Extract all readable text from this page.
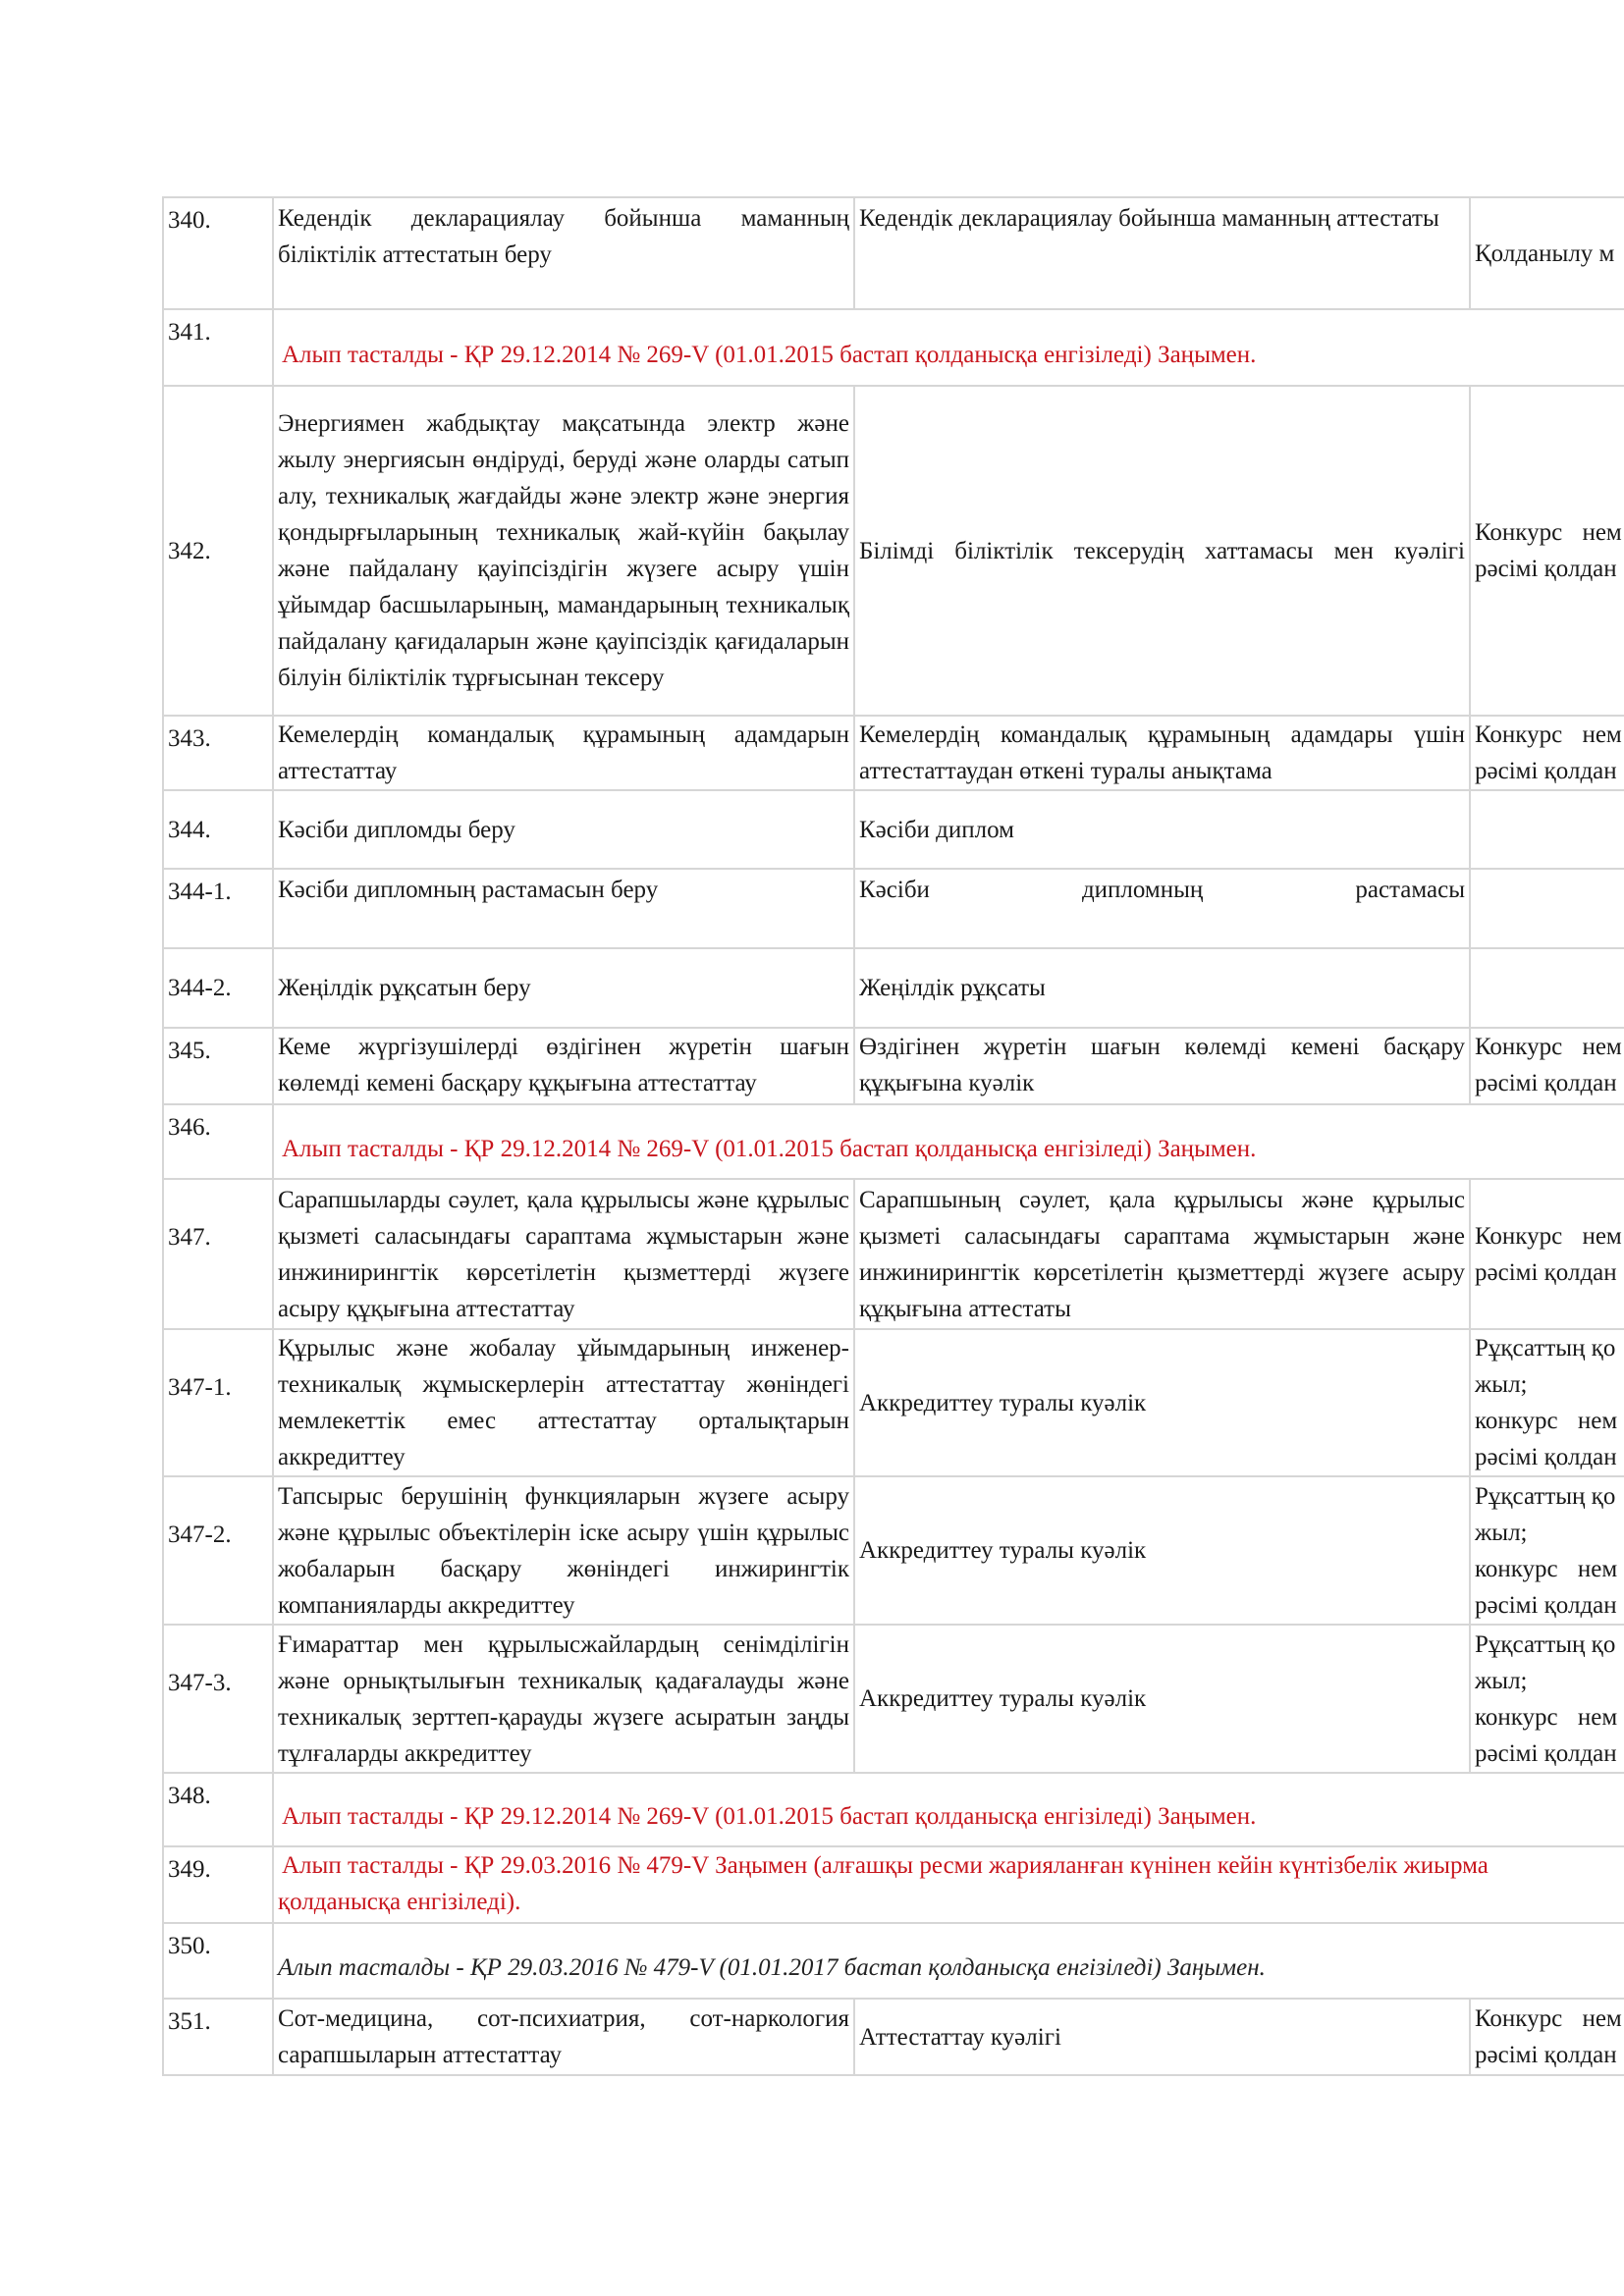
340.	Кедендік декларациялау бойынша маманның біліктілік аттестатын беру	Кедендік декларациялау бойынша маманның аттестаты	Қолданылу м

341.	Алып тасталды - ҚР 29.12.2014 № 269-V (01.01.2015 бастап қолданысқа енгізіледі) Заңымен.		
342.	Энергиямен жабдықтау мақсатында электр және жылу энергиясын өндіруді, беруді және оларды сатып алу, техникалық жағдайды және электр және энергия қондырғыларының техникалық жай-күйін бақылау және пайдалану қауіпсіздігін жүзеге асыру үшін ұйымдар басшыларының, мамандарының техникалық пайдалану қағидаларын және қауіпсіздік қағидаларын білуін біліктілік тұрғысынан тексеру	Білімді біліктілік тексерудің хаттамасы мен куәлігі	Конкурс нем
рәсімі қолдан

343.	Кемелердің командалық құрамының адамдарын аттестаттау	Кемелердің командалық құрамының адамдары үшін аттестаттаудан өткені туралы анықтама	Конкурс нем
рәсімі қолдан

344.	Кәсіби дипломды беру	Кәсіби диплом	
344-1.	Кәсіби дипломның растамасын беру	Кәсіби дипломның растамасы	
344-2.	Жеңілдік рұқсатын беру	Жеңілдік рұқсаты	
345.	Кеме жүргізушілерді өздігінен жүретін шағын көлемді кемені басқару құқығына аттестаттау	Өздігінен жүретін шағын көлемді кемені басқару құқығына куәлік	Конкурс нем
рәсімі қолдан

346.	Алып тасталды - ҚР 29.12.2014 № 269-V (01.01.2015 бастап қолданысқа енгізіледі) Заңымен.		
347.	Сарапшыларды сәулет, қала құрылысы және құрылыс қызметі саласындағы сараптама жұмыстарын және инжинирингтік көрсетілетін қызметтерді жүзеге асыру құқығына аттестаттау	Сарапшының сәулет, қала құрылысы және құрылыс қызметі саласындағы сараптама жұмыстарын және инжинирингтік көрсетілетін қызметтерді жүзеге асыру құқығына аттестаты	Конкурс нем
рәсімі қолдан

347-1.	Құрылыс және жобалау ұйымдарының инженер-техникалық жұмыскерлерін аттестаттау жөніндегі мемлекеттік емес аттестаттау орталықтарын аккредиттеу	Аккредиттеу туралы куәлік	Рұқсаттың қо
жыл;
конкурс нем
рәсімі қолдан

347-2.	Тапсырыс берушінің функцияларын жүзеге асыру және құрылыс объектілерін іске асыру үшін құрылыс жобаларын басқару жөніндегі инжирингтік компанияларды аккредиттеу	Аккредиттеу туралы куәлік	Рұқсаттың қо
жыл;
конкурс нем
рәсімі қолдан

347-3.	Ғимараттар мен құрылысжайлардың сенімділігін және орнықтылығын техникалық қадағалауды және техникалық зерттеп-қарауды жүзеге асыратын заңды тұлғаларды аккредиттеу	Аккредиттеу туралы куәлік	Рұқсаттың қо
жыл;
конкурс нем
рәсімі қолдан

348.	Алып тасталды - ҚР 29.12.2014 № 269-V (01.01.2015 бастап қолданысқа енгізіледі) Заңымен.		
349.	Алып тасталды - ҚР 29.03.2016 № 479-V Заңымен (алғашқы ресми жарияланған күнінен кейін күнтізбелік жиырма
қолданысқа енгізіледі).		

350.	Алып тасталды - ҚР 29.03.2016 № 479-V (01.01.2017 бастап қолданысқа енгізіледі) Заңымен.		
351.	Сот-медицина, сот-психиатрия, сот-наркология сарапшыларын аттестаттау	Аттестаттау куәлігі	Конкурс нем
рәсімі қолдан
